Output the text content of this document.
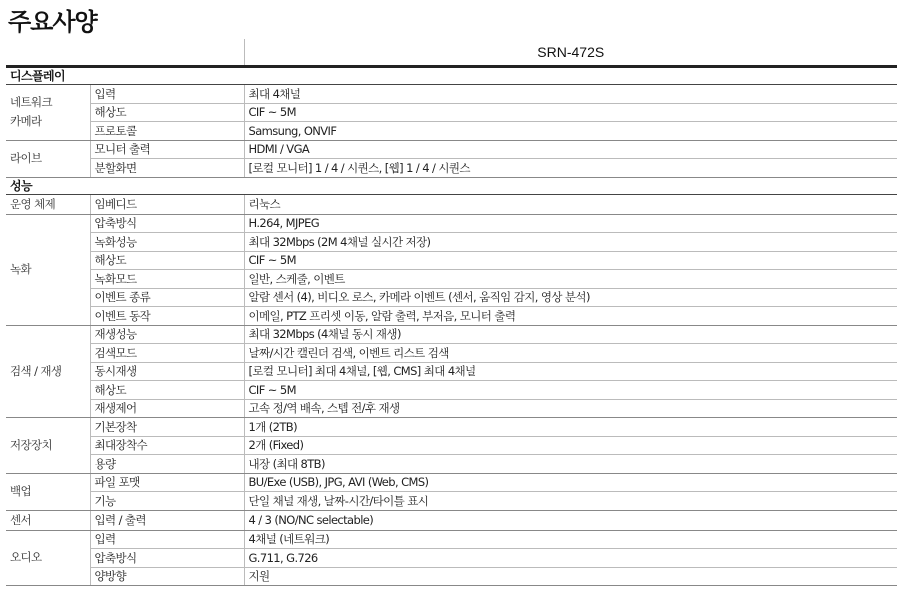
주요사양
		SRN-472S
디스플레이		
네트워크 카메라	입력	최대 4채널
	해상도	CIF ~ 5M
	프로토콜	Samsung, ONVIF
라이브	모니터 출력	HDMI / VGA
	분할화면	[로컬 모니터] 1 / 4 / 시퀀스, [웹] 1 / 4 / 시퀀스
성능		
운영 체제	임베디드	리눅스
녹화	압축방식	H.264, MJPEG
	녹화성능	최대 32Mbps (2M 4채널 실시간 저장)
	해상도	CIF ~ 5M
	녹화모드	일반, 스케줄, 이벤트
	이벤트 종류	알람 센서 (4), 비디오 로스, 카메라 이벤트 (센서, 움직임 감지, 영상 분석)
	이벤트 동작	이메일, PTZ 프리셋 이동, 알람 출력, 부저음, 모니터 출력
검색 / 재생	재생성능	최대 32Mbps (4채널 동시 재생)
	검색모드	날짜/시간 캘린더 검색, 이벤트 리스트 검색
	동시재생	[로컬 모니터] 최대 4채널, [웹, CMS] 최대 4채널
	해상도	CIF ~ 5M
	재생제어	고속 정/역 배속, 스텝 전/후 재생
저장장치	기본장착	1개 (2TB)
	최대장착수	2개 (Fixed)
	용량	내장 (최대 8TB)
백업	파일 포맷	BU/Exe (USB), JPG, AVI (Web, CMS)
	기능	단일 채널 재생, 날짜-시간/타이틀 표시
센서	입력 / 출력	4 / 3 (NO/NC selectable)
오디오	입력	4채널 (네트워크)
	압축방식	G.711, G.726
	양방향	지원
